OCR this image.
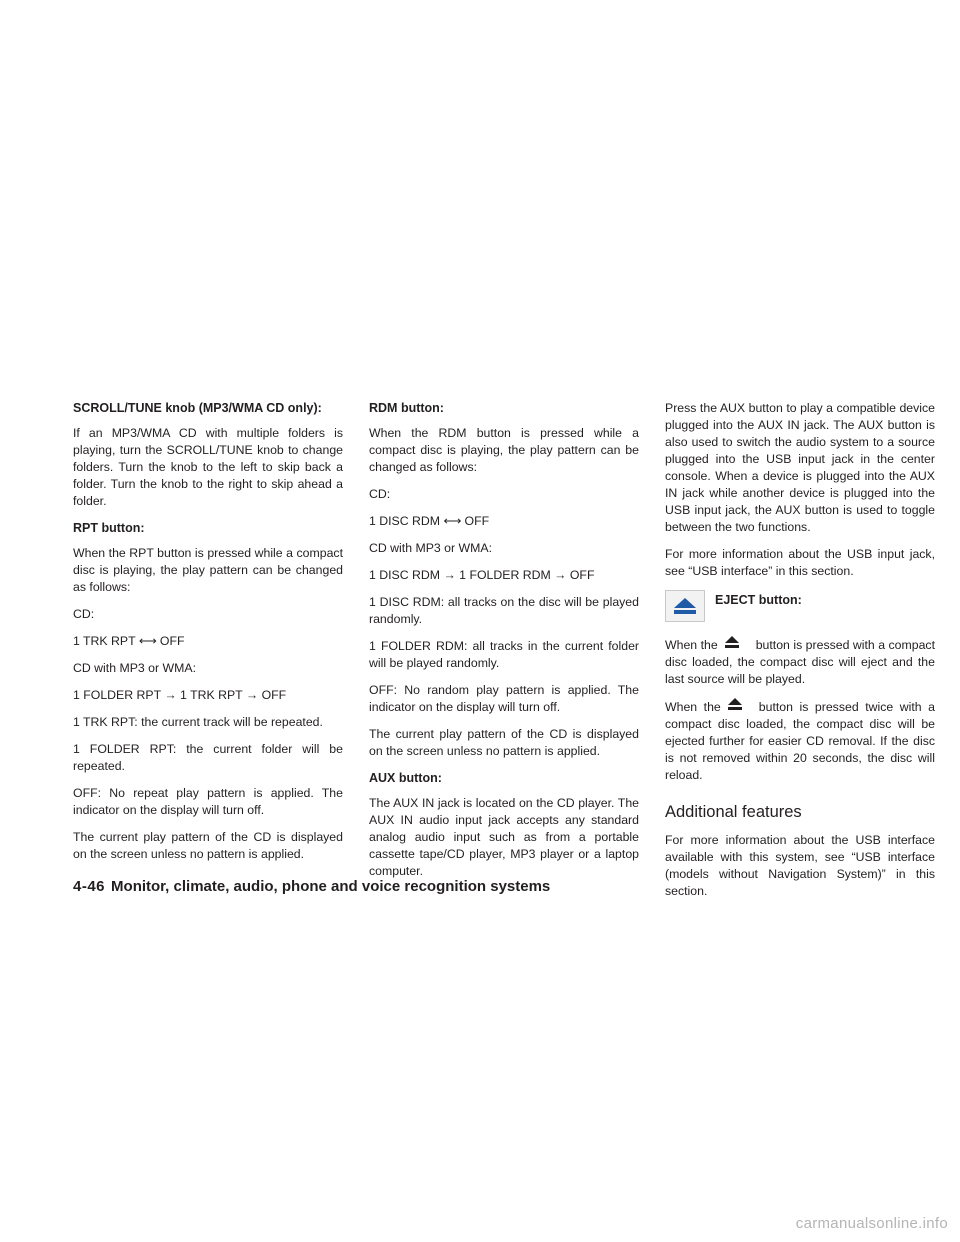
SCROLL/TUNE knob (MP3/WMA CD only):

If an MP3/WMA CD with multiple folders is playing, turn the SCROLL/TUNE knob to change folders. Turn the knob to the left to skip back a folder. Turn the knob to the right to skip ahead a folder.

RPT button:

When the RPT button is pressed while a compact disc is playing, the play pattern can be changed as follows:

CD:

1 TRK RPT ⟷ OFF

CD with MP3 or WMA:

1 FOLDER RPT → 1 TRK RPT → OFF

1 TRK RPT: the current track will be repeated.

1 FOLDER RPT: the current folder will be repeated.

OFF: No repeat play pattern is applied. The indicator on the display will turn off.

The current play pattern of the CD is displayed on the screen unless no pattern is applied.

RDM button:

When the RDM button is pressed while a compact disc is playing, the play pattern can be changed as follows:

CD:

1 DISC RDM ⟷ OFF

CD with MP3 or WMA:

1 DISC RDM → 1 FOLDER RDM → OFF

1 DISC RDM: all tracks on the disc will be played randomly.

1 FOLDER RDM: all tracks in the current folder will be played randomly.

OFF: No random play pattern is applied. The indicator on the display will turn off.

The current play pattern of the CD is displayed on the screen unless no pattern is applied.

AUX button:

The AUX IN jack is located on the CD player. The AUX IN audio input jack accepts any standard analog audio input such as from a portable cassette tape/CD player, MP3 player or a laptop computer.

Press the AUX button to play a compatible device plugged into the AUX IN jack. The AUX button is also used to switch the audio system to a source plugged into the USB input jack in the center console. When a device is plugged into the AUX IN jack while another device is plugged into the USB input jack, the AUX button is used to toggle between the two functions.

For more information about the USB input jack, see “USB interface” in this section.

EJECT button:

When the	button is pressed with a compact disc loaded, the compact disc will eject and the last source will be played.

When the	button is pressed twice with a compact disc loaded, the compact disc will be ejected further for easier CD removal. If the disc is not removed within 20 seconds, the disc will reload.

Additional features

For more information about the USB interface available with this system, see “USB interface (models without Navigation System)” in this section.

4-46 Monitor, climate, audio, phone and voice recognition systems
carmanualsonline.info
